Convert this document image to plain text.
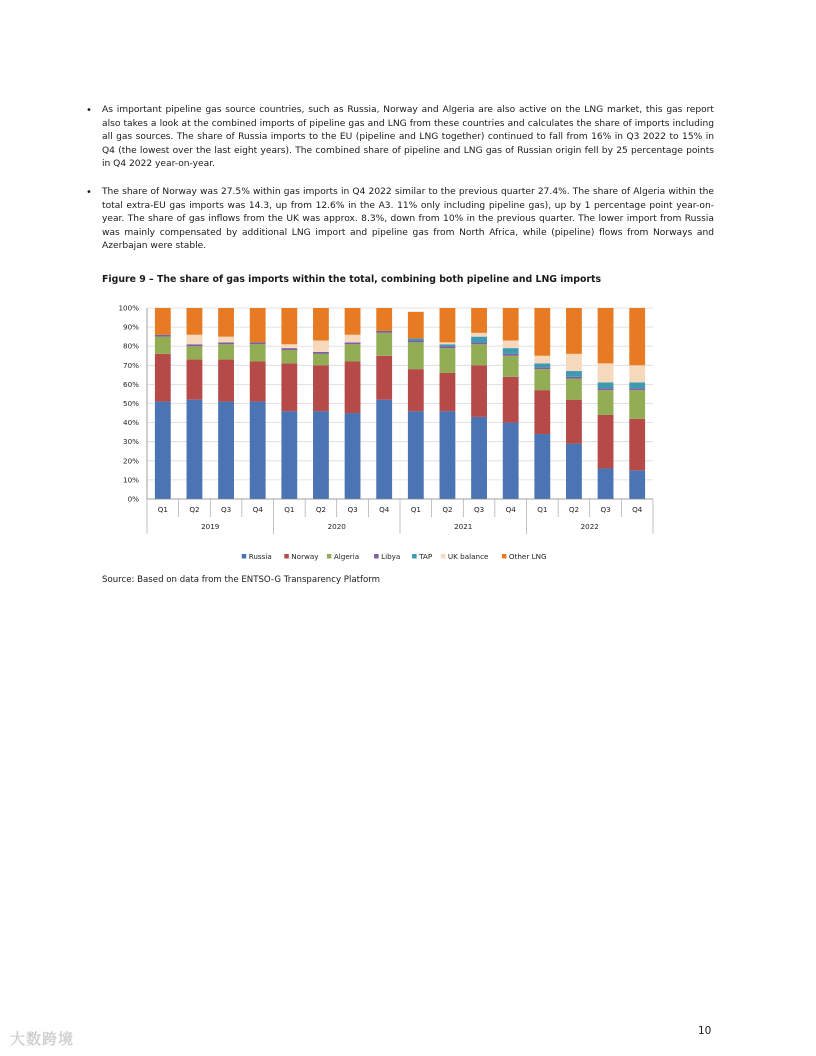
• As important pipeline gas source countries, such as Russia, Norway and Algeria are also active on the LNG market, this gas report also takes a look at the combined imports of pipeline gas and LNG from these countries and calculates the share of imports including all gas sources. The share of Russia imports to the EU (pipeline and LNG together) continued to fall from 16% in Q3 2022 to 15% in Q4 (the lowest over the last eight years). The combined share of pipeline and LNG gas of Russian origin fell by 25 percentage points in Q4 2022 year-on-year.
• The share of Norway was 27.5% within gas imports in Q4 2022 similar to the previous quarter 27.4%. The share of Algeria within the total extra-EU gas imports was 14.3, up from 12.6% in the A3. 11% only including pipeline gas), up by 1 percentage point year-on-year. The share of gas inflows from the UK was approx. 8.3%, down from 10% in the previous quarter. The lower import from Russia was mainly compensated by additional LNG import and pipeline gas from North Africa, while (pipeline) flows from Norways and Azerbajan were stable.
Figure 9 – The share of gas imports within the total, combining both pipeline and LNG imports
0%
10%
20%
30%
40%
50%
60%
70%
80%
90%
100%
Q1	Q2	Q3	Q4	Q1	Q2	Q3	Q4	Q1	Q2	Q3	Q4	Q1	Q2	Q3	Q4
2019	2020	2021	2022
Russia	Norway Algeria	Libya	TAP UK balance	Other LNG
Source: Based on data from the ENTSO-G Transparency Platform
10
大数跨境
